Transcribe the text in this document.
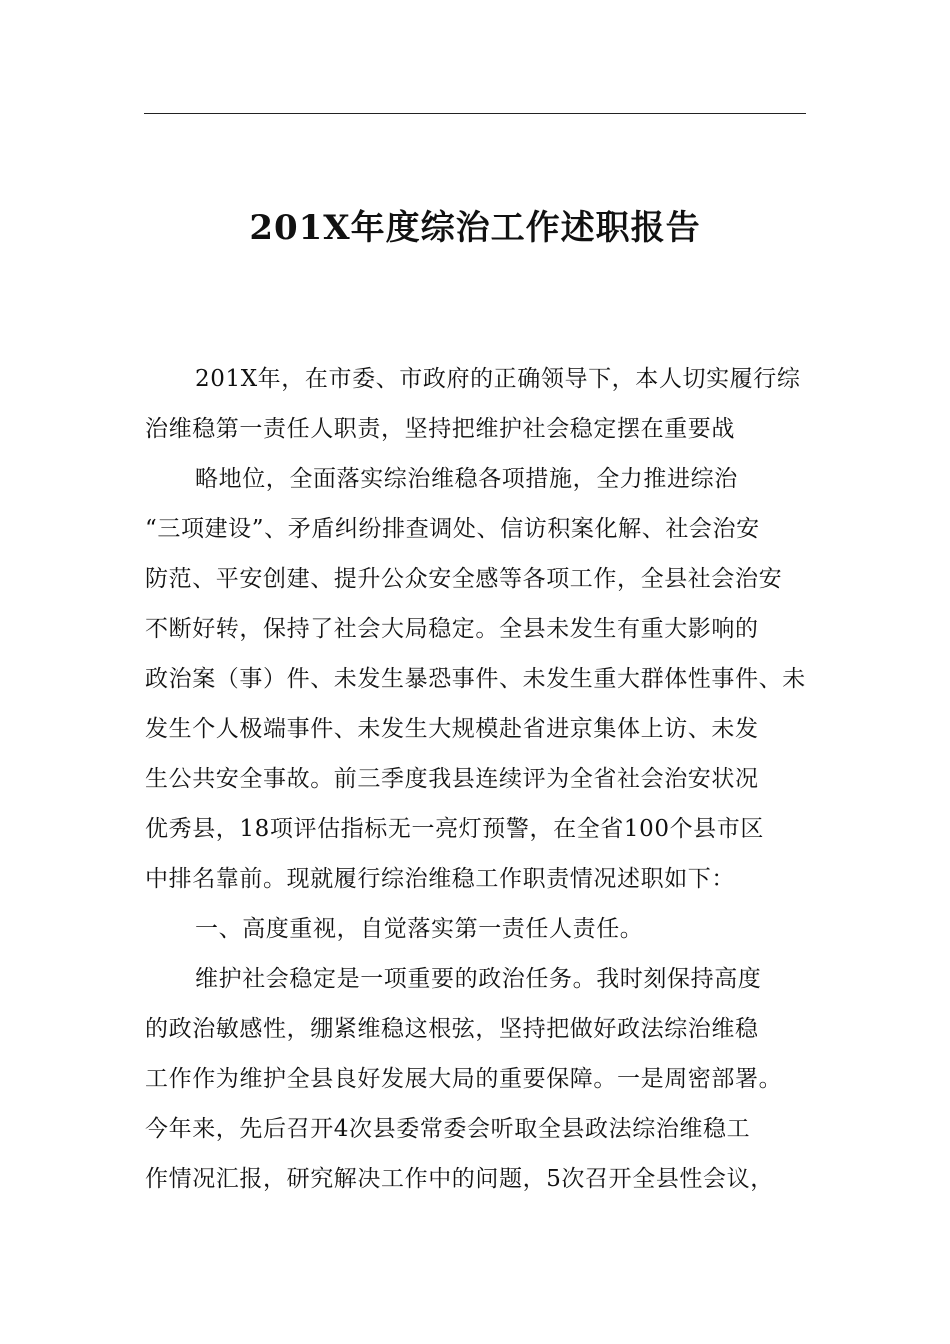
201X年度综治工作述职报告
201X年，在市委、市政府的正确领导下，本人切实履行综
治维稳第一责任人职责，坚持把维护社会稳定摆在重要战
略地位，全面落实综治维稳各项措施，全力推进综治
“三项建设”、矛盾纠纷排查调处、信访积案化解、社会治安
防范、平安创建、提升公众安全感等各项工作，全县社会治安
不断好转，保持了社会大局稳定。全县未发生有重大影响的
政治案（事）件、未发生暴恐事件、未发生重大群体性事件、未
发生个人极端事件、未发生大规模赴省进京集体上访、未发
生公共安全事故。前三季度我县连续评为全省社会治安状况
优秀县，18项评估指标无一亮灯预警，在全省100个县市区
中排名靠前。现就履行综治维稳工作职责情况述职如下：
一、高度重视，自觉落实第一责任人责任。
维护社会稳定是一项重要的政治任务。我时刻保持高度
的政治敏感性，绷紧维稳这根弦，坚持把做好政法综治维稳
工作作为维护全县良好发展大局的重要保障。一是周密部署。
今年来，先后召开4次县委常委会听取全县政法综治维稳工
作情况汇报，研究解决工作中的问题，5次召开全县性会议，
